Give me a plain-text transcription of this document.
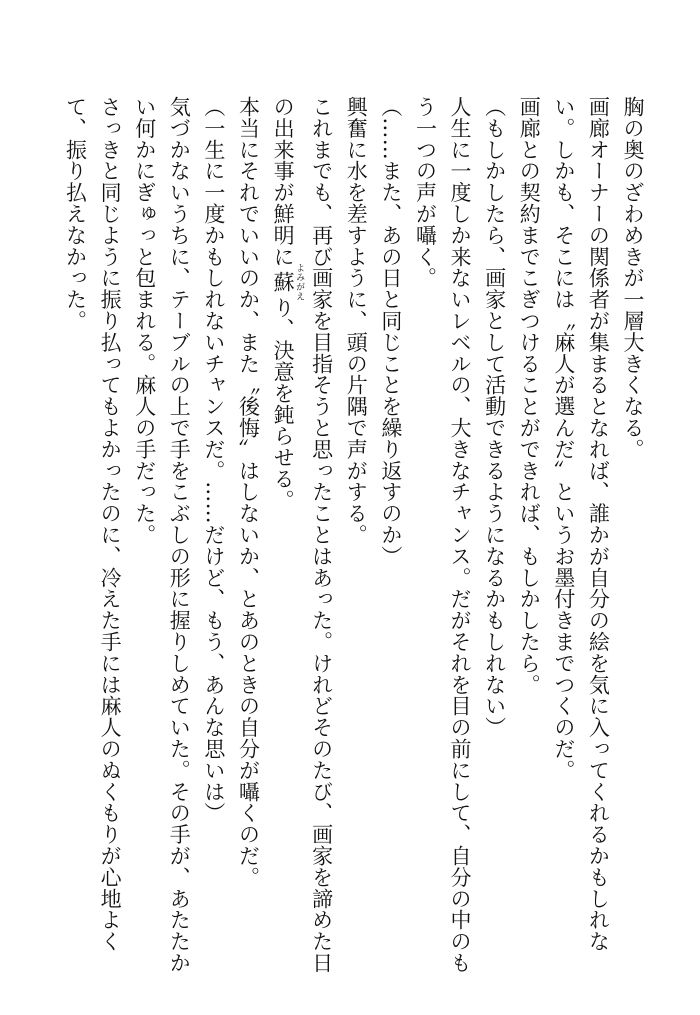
胸の奥のざわめきが一層大きくなる。

画廊オーナーの関係者が集まるとなれば、誰かが自分の絵を気に入ってくれるかもしれな

い。しかも、そこには〝麻人が選んだ〟というお墨付きまでつくのだ。

画廊との契約までこぎつけることができれば、もしかしたら。

（もしかしたら、画家として活動できるようになるかもしれない）

人生に一度しか来ないレベルの、大きなチャンス。だがそれを目の前にして、自分の中のも

う一つの声が囁く。

（……また、あの日と同じことを繰り返すのか）

興奮に水を差すように、頭の片隅で声がする。

これまでも、再び画家を目指そうと思ったことはあった。けれどそのたび、画家を諦めた日

の出来事が鮮明に蘇 よみがえり、決意を鈍らせる。

本当にそれでいいのか、また〝後悔〟はしないか、とあのときの自分が囁くのだ。

（一生に一度かもしれないチャンスだ。……だけど、もう、あんな思いは）

気づかないうちに、テーブルの上で手をこぶしの形に握りしめていた。その手が、あたたか

い何かにぎゅっと包まれる。麻人の手だった。

さっきと同じように振り払ってもよかったのに、冷えた手には麻人のぬくもりが心地よく

て、振り払えなかった。
